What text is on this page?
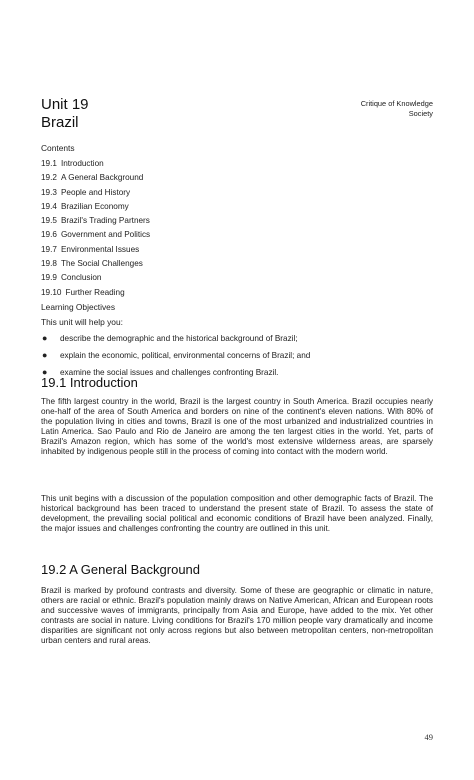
Critique of Knowledge
Society
Unit 19
Brazil
Contents
19.1 Introduction
19.2 A General Background
19.3 People and History
19.4 Brazilian Economy
19.5 Brazil's Trading Partners
19.6 Government and Politics
19.7 Environmental Issues
19.8 The Social Challenges
19.9 Conclusion
19.10 Further Reading
Learning Objectives
This unit will help you:
● describe the demographic and the historical background of Brazil;
● explain the economic, political, environmental concerns of Brazil; and
● examine the social issues and challenges confronting Brazil.
19.1 Introduction

The fifth largest country in the world, Brazil is the largest country in South America. Brazil occupies nearly one-half of the area of South America and borders on nine of the continent's eleven nations. With 80% of the population living in cities and towns, Brazil is one of the most urbanized and industrialized countries in Latin America. Sao Paulo and Rio de Janeiro are among the ten largest cities in the world. Yet, parts of Brazil's Amazon region, which has some of the world's most extensive wilderness areas, are sparsely inhabited by indigenous people still in the process of coming into contact with the modern world.

This unit begins with a discussion of the population composition and other demographic facts of Brazil. The historical background has been traced to understand the present state of Brazil. To assess the state of development, the prevailing social political and economic conditions of Brazil have been analyzed. Finally, the major issues and challenges confronting the country are outlined in this unit.

19.2 A General Background

Brazil is marked by profound contrasts and diversity. Some of these are geographic or climatic in nature, others are racial or ethnic. Brazil's population mainly draws on Native American, African and European roots and successive waves of immigrants, principally from Asia and Europe, have added to the mix. Yet other contrasts are social in nature. Living conditions for Brazil's 170 million people vary dramatically and income disparities are significant not only across regions but also between metropolitan centers, non-metropolitan urban centers and rural areas.

49
